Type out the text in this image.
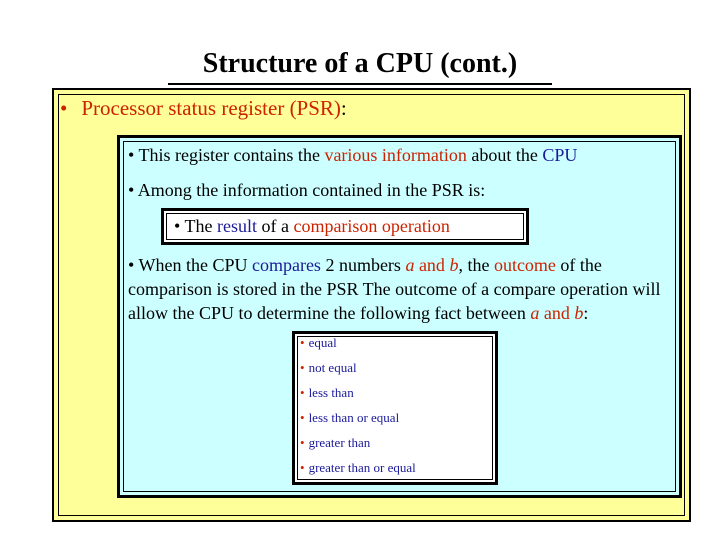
Structure of a CPU (cont.)
• Processor status register (PSR):
• This register contains the various information about the CPU
• Among the information contained in the PSR is:
• The result of a comparison operation
• When the CPU compares 2 numbers a and b, the outcome of the comparison is stored in the PSR The outcome of a compare operation will allow the CPU to determine the following fact between a and b:
• equal
• not equal
• less than
• less than or equal
• greater than
• greater than or equal
